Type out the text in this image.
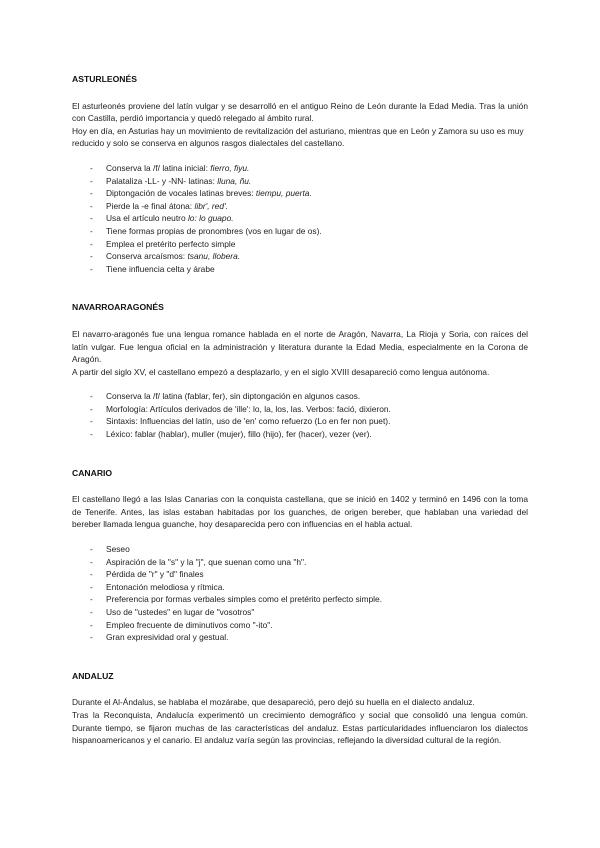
ASTURLEONÉS

El asturleonés proviene del latín vulgar y se desarrolló en el antiguo Reino de León durante la Edad Media. Tras la unión con Castilla, perdió importancia y quedó relegado al ámbito rural.

Hoy en día, en Asturias hay un movimiento de revitalización del asturiano, mientras que en León y Zamora su uso es muy reducido y solo se conserva en algunos rasgos dialectales del castellano.

- Conserva la /f/ latina inicial: fierro, fiyu.
- Palataliza -LL- y -NN- latinas: lluna, ñu.
- Diptongación de vocales latinas breves: tiempu, puerta.
- Pierde la -e final átona: libr', red'.
- Usa el artículo neutro lo: lo guapo.
- Tiene formas propias de pronombres (vos en lugar de os).
- Emplea el pretérito perfecto simple
- Conserva arcaísmos: tsanu, llobera.
- Tiene influencia celta y árabe
NAVARROARAGONÉS

El navarro-aragonés fue una lengua romance hablada en el norte de Aragón, Navarra, La Rioja y Soria, con raíces del latín vulgar. Fue lengua oficial en la administración y literatura durante la Edad Media, especialmente en la Corona de Aragón.

A partir del siglo XV, el castellano empezó a desplazarlo, y en el siglo XVIII desapareció como lengua autónoma.

- Conserva la /f/ latina (fablar, fer), sin diptongación en algunos casos.
- Morfología: Artículos derivados de 'ille': lo, la, los, las. Verbos: fació, dixieron.
- Sintaxis: Influencias del latín, uso de 'en' como refuerzo (Lo en fer non puet).
- Léxico: fablar (hablar), muller (mujer), fillo (hijo), fer (hacer), vezer (ver).
CANARIO

El castellano llegó a las Islas Canarias con la conquista castellana, que se inició en 1402 y terminó en 1496 con la toma de Tenerife. Antes, las islas estaban habitadas por los guanches, de origen bereber, que hablaban una variedad del bereber llamada lengua guanche, hoy desaparecida pero con influencias en el habla actual.

- Seseo
- Aspiración de la "s" y la "j", que suenan como una "h".
- Pérdida de "r" y "d" finales
- Entonación melodiosa y rítmica.
- Preferencia por formas verbales simples como el pretérito perfecto simple.
- Uso de "ustedes" en lugar de "vosotros"
- Empleo frecuente de diminutivos como "-ito".
- Gran expresividad oral y gestual.
ANDALUZ

Durante el Al-Ándalus, se hablaba el mozárabe, que desapareció, pero dejó su huella en el dialecto andaluz.

Tras la Reconquista, Andalucía experimentó un crecimiento demográfico y social que consolidó una lengua común. Durante tiempo, se fijaron muchas de las características del andaluz. Estas particularidades influenciaron los dialectos hispanoamericanos y el canario. El andaluz varía según las provincias, reflejando la diversidad cultural de la región.
